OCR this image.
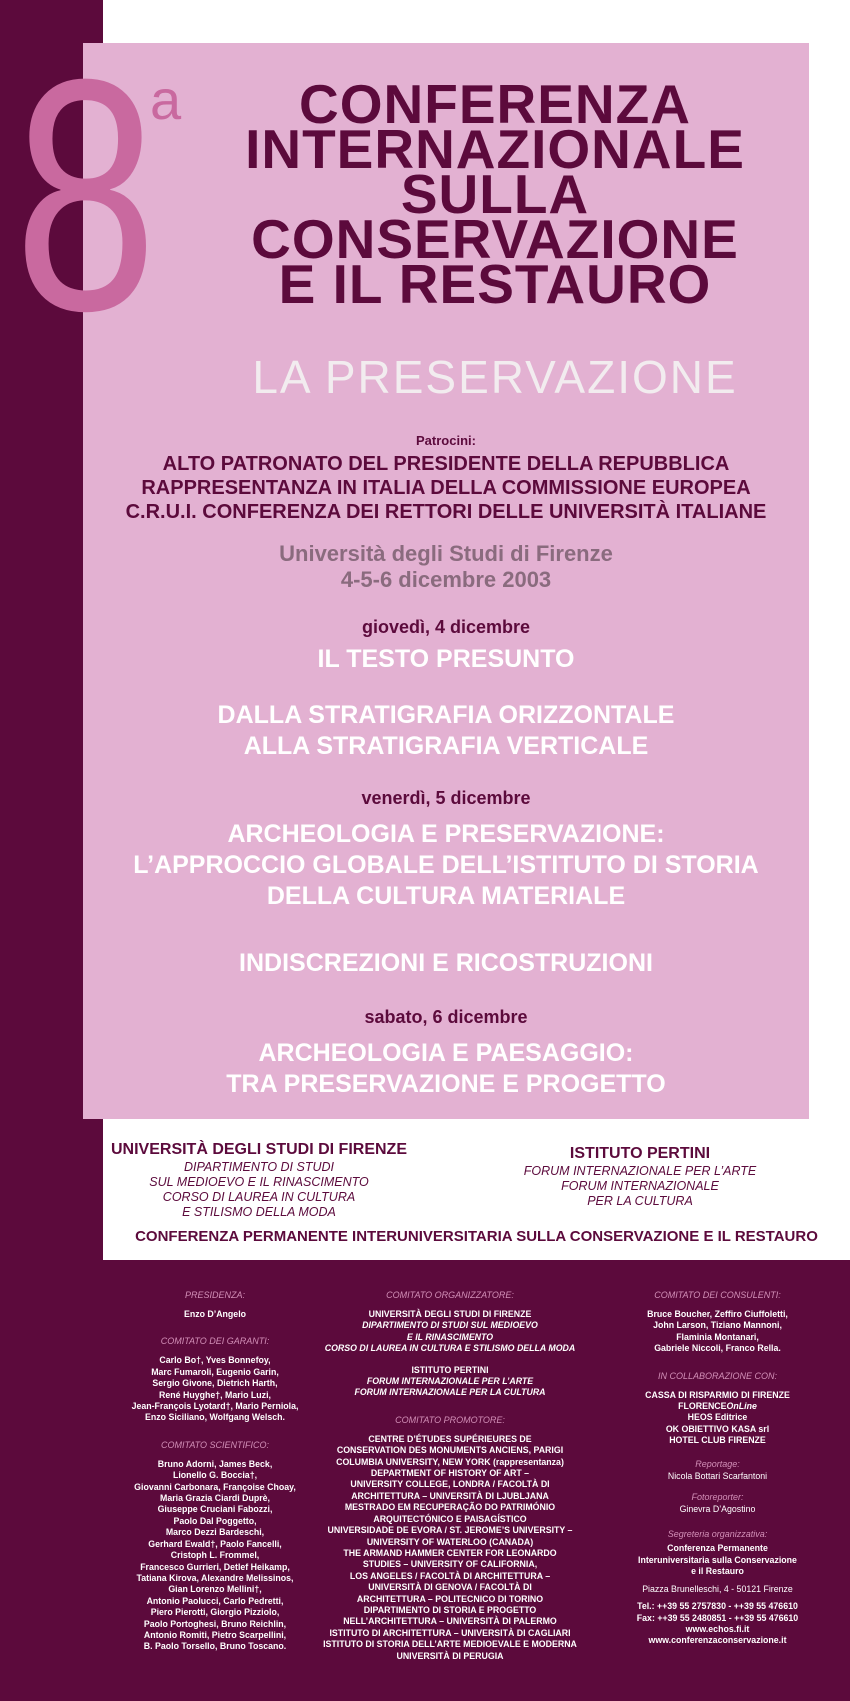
8
a	CONFERENZA
INTERNAZIONALE
SULLA
CONSERVAZIONE
E IL RESTAURO
LA PRESERVAZIONE
Patrocini:
ALTO PATRONATO DEL PRESIDENTE DELLA REPUBBLICA
RAPPRESENTANZA IN ITALIA DELLA COMMISSIONE EUROPEA
C.R.U.I. CONFERENZA DEI RETTORI DELLE UNIVERSITÀ ITALIANE
Università degli Studi di Firenze
4-5-6 dicembre 2003
giovedì, 4 dicembre
IL TESTO PRESUNTO
DALLA STRATIGRAFIA ORIZZONTALE
ALLA STRATIGRAFIA VERTICALE
venerdì, 5 dicembre
ARCHEOLOGIA E PRESERVAZIONE:
L’APPROCCIO GLOBALE DELL’ISTITUTO DI STORIA
DELLA CULTURA MATERIALE
INDISCREZIONI E RICOSTRUZIONI
sabato, 6 dicembre
ARCHEOLOGIA E PAESAGGIO:
TRA PRESERVAZIONE E PROGETTO
UNIVERSITÀ DEGLI STUDI DI FIRENZE
DIPARTIMENTO DI STUDI
SUL MEDIOEVO E IL RINASCIMENTO
CORSO DI LAUREA IN CULTURA
E STILISMO DELLA MODA
ISTITUTO PERTINI
FORUM INTERNAZIONALE PER L’ARTE
FORUM INTERNAZIONALE
PER LA CULTURA
CONFERENZA PERMANENTE INTERUNIVERSITARIA SULLA CONSERVAZIONE E IL RESTAURO
PRESIDENZA:
Enzo D’Angelo
COMITATO DEI GARANTI:
Carlo Bo†, Yves Bonnefoy,
Marc Fumaroli, Eugenio Garin,
Sergio Givone, Dietrich Harth,
René Huyghe†, Mario Luzi,
Jean-François Lyotard†, Mario Perniola,
Enzo Siciliano, Wolfgang Welsch.
COMITATO SCIENTIFICO:
Bruno Adorni, James Beck,
Lionello G. Boccia†,
Giovanni Carbonara, Françoise Choay,
Maria Grazia Ciardi Duprè,
Giuseppe Cruciani Fabozzi,
Paolo Dal Poggetto,
Marco Dezzi Bardeschi,
Gerhard Ewald†, Paolo Fancelli,
Cristoph L. Frommel,
Francesco Gurrieri, Detlef Heikamp,
Tatiana Kirova, Alexandre Melissinos,
Gian Lorenzo Mellini†,
Antonio Paolucci, Carlo Pedretti,
Piero Pierotti, Giorgio Pizziolo,
Paolo Portoghesi, Bruno Reichlin,
Antonio Romiti, Pietro Scarpellini,
B. Paolo Torsello, Bruno Toscano.
COMITATO ORGANIZZATORE:
UNIVERSITÀ DEGLI STUDI DI FIRENZE
DIPARTIMENTO DI STUDI SUL MEDIOEVO
E IL RINASCIMENTO
CORSO DI LAUREA IN CULTURA E STILISMO DELLA MODA
ISTITUTO PERTINI
FORUM INTERNAZIONALE PER L’ARTE
FORUM INTERNAZIONALE PER LA CULTURA
COMITATO PROMOTORE:
CENTRE D’ÉTUDES SUPÉRIEURES DE
CONSERVATION DES MONUMENTS ANCIENS, PARIGI
COLUMBIA UNIVERSITY, NEW YORK (rappresentanza)
DEPARTMENT OF HISTORY OF ART –
UNIVERSITY COLLEGE, LONDRA / FACOLTÀ DI
ARCHITETTURA – UNIVERSITÀ DI LJUBLJANA
MESTRADO EM RECUPERAÇÃO DO PATRIMÓNIO
ARQUITECTÓNICO E PAISAGÍSTICO
UNIVERSIDADE DE EVORA / ST. JEROME’S UNIVERSITY –
UNIVERSITY OF WATERLOO (CANADA)
THE ARMAND HAMMER CENTER FOR LEONARDO
STUDIES – UNIVERSITY OF CALIFORNIA,
LOS ANGELES / FACOLTÀ DI ARCHITETTURA –
UNIVERSITÀ DI GENOVA / FACOLTÀ DI
ARCHITETTURA – POLITECNICO DI TORINO
DIPARTIMENTO DI STORIA E PROGETTO
NELL’ARCHITETTURA – UNIVERSITÀ DI PALERMO
ISTITUTO DI ARCHITETTURA – UNIVERSITÀ DI CAGLIARI
ISTITUTO DI STORIA DELL’ARTE MEDIOEVALE E MODERNA
UNIVERSITÀ DI PERUGIA
COMITATO DEI CONSULENTI:
Bruce Boucher, Zeffiro Ciuffoletti,
John Larson, Tiziano Mannoni,
Flaminia Montanari,
Gabriele Niccoli, Franco Rella.
IN COLLABORAZIONE CON:
CASSA DI RISPARMIO DI FIRENZE
FLORENCEOnLine
HEOS Editrice
OK OBIETTIVO KASA srl
HOTEL CLUB FIRENZE
Reportage:
Nicola Bottari Scarfantoni
Fotoreporter:
Ginevra D’Agostino
Segreteria organizzativa:
Conferenza Permanente
Interuniversitaria sulla Conservazione
e il Restauro
Piazza Brunelleschi, 4 - 50121 Firenze
Tel.: ++39 55 2757830 - ++39 55 476610
Fax: ++39 55 2480851 - ++39 55 476610
www.echos.fi.it
www.conferenzaconservazione.it
